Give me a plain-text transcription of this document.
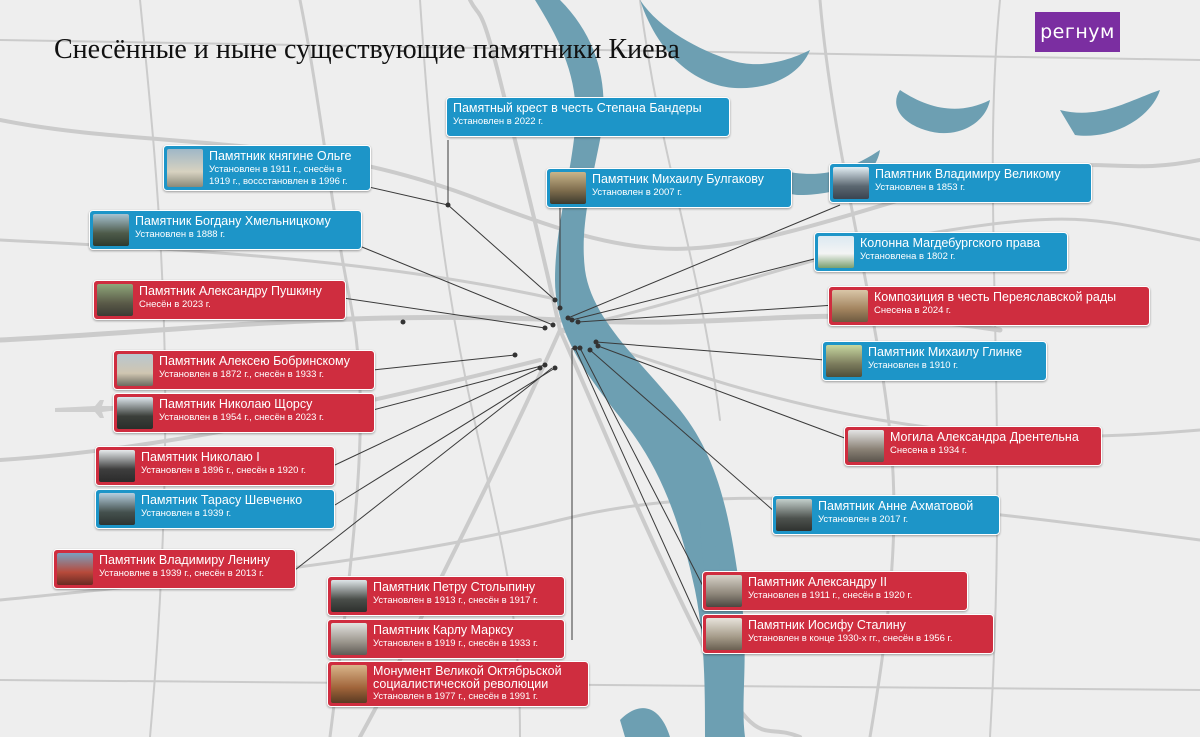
Снесённые и ныне существующие памятники Киева
регнум
Памятный крест в честь Степана Бандеры
Установлен в 2022 г.
Памятник княгине Ольге
Установлен в 1911 г., снесён в
1919 г., восcстановлен в 1996 г.	Памятник Михаилу Булгакову
Установлен в 2007 г.
Памятник Владимиру Великому
Установлен в 1853 г.
Памятник Богдану Хмельницкому
Установлен в 1888 г.
Колонна Магдебургского права
Установлена в 1802 г.
Памятник Александру Пушкину
Снесён в 2023 г.
Композиция в честь Переяславской рады
Снесена в 2024 г.
Памятник Михаилу Глинке
Установлен в 1910 г.
Памятник Алексею Бобринскому
Установлен в 1872 г., снесён в 1933 г.
Памятник Николаю Щорсу
Установлен в 1954 г., снесён в 2023 г.
Могила Александра Дрентельна
Снесена в 1934 г.
Памятник Николаю I
Установлен в 1896 г., снесён в 1920 г.
Памятник Тарасу Шевченко
Установлен в 1939 г.
Памятник Анне Ахматовой
Установлен в 2017 г.
Памятник Владимиру Ленину
Установлне в 1939 г., снесён в 2013 г.
Памятник Александру II
Установлен в 1911 г., снесён в 1920 г.
Памятник Петру Столыпину
Установлен в 1913 г., снесён в 1917 г.
Памятник Иосифу Сталину
Установлен в конце 1930-х гг., снесён в 1956 г.
Памятник Карлу Марксу
Установлен в 1919 г., снесён в 1933 г.
Монумент Великой Октябрьской
социалистической революции
Установлен в 1977 г., снесён в 1991 г.
